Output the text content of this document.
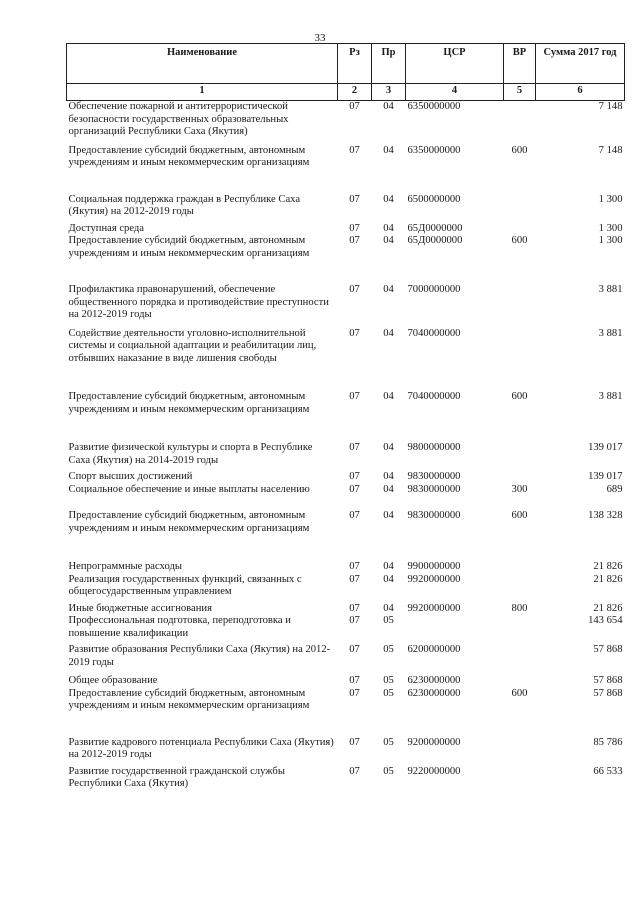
33
Наименование	Рз	Пр	ЦСР	ВР	Сумма 2017 год
1	2	3	4	5	6
Обеспечение пожарной и антитеррористической безопасности государственных образовательных организаций Республики Саха (Якутия)	07	04	6350000000		7 148
Предоставление субсидий бюджетным, автономным учреждениям и иным некоммерческим организациям	07	04	6350000000	600	7 148
Социальная поддержка граждан в Республике Саха (Якутия) на 2012-2019 годы	07	04	6500000000		1 300
Доступная среда	07	04	65Д0000000		1 300
Предоставление субсидий бюджетным, автономным учреждениям и иным некоммерческим организациям	07	04	65Д0000000	600	1 300
Профилактика правонарушений, обеспечение общественного порядка и противодействие преступности на 2012-2019 годы	07	04	7000000000		3 881
Содействие деятельности уголовно-исполнительной системы и социальной адаптации и реабилитации лиц, отбывших наказание в виде лишения свободы	07	04	7040000000		3 881
Предоставление субсидий бюджетным, автономным учреждениям и иным некоммерческим организациям	07	04	7040000000	600	3 881
Развитие физической культуры и спорта в Республике Саха (Якутия) на 2014-2019 годы	07	04	9800000000		139 017
Спорт высших достижений	07	04	9830000000		139 017
Социальное обеспечение и иные выплаты населению	07	04	9830000000	300	689
Предоставление субсидий бюджетным, автономным учреждениям и иным некоммерческим организациям	07	04	9830000000	600	138 328
Непрограммные расходы	07	04	9900000000		21 826
Реализация государственных функций, связанных с общегосударственным управлением	07	04	9920000000		21 826
Иные бюджетные ассигнования	07	04	9920000000	800	21 826
Профессиональная подготовка, переподготовка и повышение квалификации	07	05			143 654
Развитие образования Республики Саха (Якутия) на 2012-2019 годы	07	05	6200000000		57 868
Общее образование	07	05	6230000000		57 868
Предоставление субсидий бюджетным, автономным учреждениям и иным некоммерческим организациям	07	05	6230000000	600	57 868
Развитие кадрового потенциала Республики Саха (Якутия) на 2012-2019 годы	07	05	9200000000		85 786
Развитие государственной гражданской службы Республики Саха (Якутия)	07	05	9220000000		66 533
